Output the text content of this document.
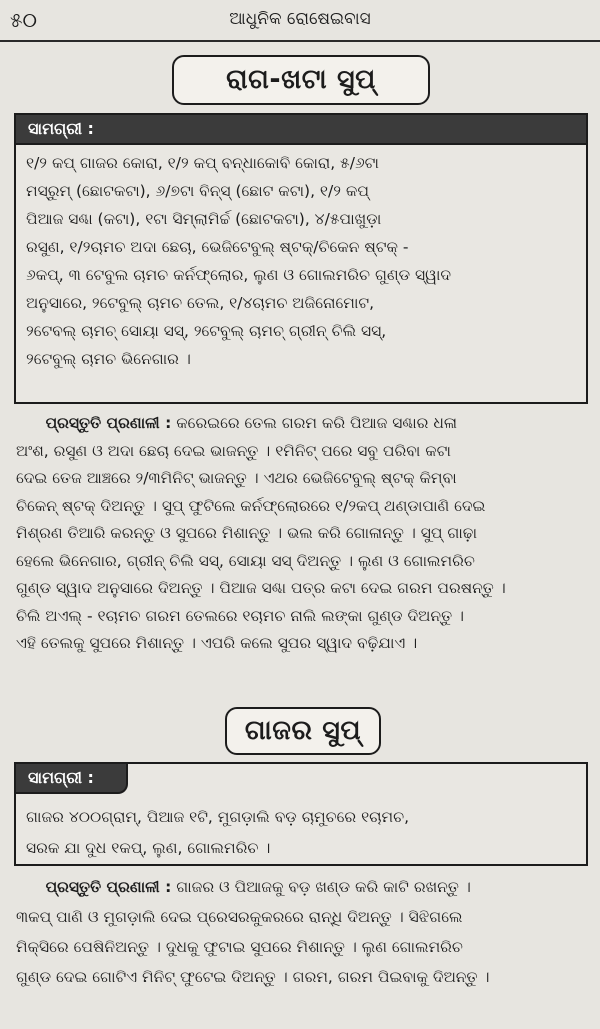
୫୦	ଆଧୁନିକ ରୋଷେଇବାସ
ରାଗ-ଖଟା ସୁପ୍
ସାମଗ୍ରୀ :
୧/୨ କପ୍ ଗାଜର କୋରା, ୧/୨ କପ୍ ବନ୍ଧାକୋବି କୋରା, ୫/୬ଟା
ମସ୍‌ରୁମ୍ (ଛୋଟକଟା), ୬/୭ଟା ବିନ୍ସ୍ (ଛୋଟ କଟା), ୧/୨ କପ୍
ପିଆଜ ସଣ୍ଢା (କଟା), ୧ଟା ସିମ୍‌ଲାମିର୍ଚ୍ଚ (ଛୋଟକଟା), ୪/୫ପାଖୁଡ଼ା
ରସୁଣ, ୧/୨ଚାମଚ ଅଦା ଛେଚା, ଭେଜିଟେବୁଲ୍ ଷ୍ଟକ୍/ଚିକେନ ଷ୍ଟକ୍ -
୬କପ୍, ୩ ଟେବୁଲ ଚାମଚ କର୍ନଫ୍ଲୋର, ଲୁଣ ଓ ଗୋଲମରିଚ ଗୁଣ୍ଡ ସ୍ୱାଦ
ଅନୁସାରେ, ୨ଟେବୁଲ୍ ଚାମଚ ତେଲ, ୧/୪ଚାମଚ ଅଜିନୋମୋଟ,
୨ଟେବଲ୍ ଚାମଚ୍ ସୋୟା ସସ୍, ୨ଟେବୁଲ୍ ଚାମଚ୍ ଗ୍ରୀନ୍ ଚିଲି ସସ୍,
୨ଟେବୁଲ୍ ଚାମଚ ଭିନେଗାର ।
ପ୍ରସ୍ତୁତି ପ୍ରଣାଳୀ : କରେଇରେ ତେଲ ଗରମ କରି ପିଆଜ ସଣ୍ଢାର ଧଳା
ଅଂଶ, ରସୁଣ ଓ ଅଦା ଛେଚା ଦେଇ ଭାଜନ୍ତୁ । ୧ମିନିଟ୍ ପରେ ସବୁ ପରିବା କଟା
ଦେଇ ତେଜ ଆଞ୍ଚରେ ୨/୩ମିନିଟ୍ ଭାଜନ୍ତୁ । ଏଥର ଭେଜିଟେବୁଲ୍ ଷ୍ଟକ୍ କିମ୍ବା
ଚିକେନ୍ ଷ୍ଟକ୍ ଦିଅନ୍ତୁ । ସୁପ୍ ଫୁଟିଲେ କର୍ନଫ୍ଲୋରରେ ୧/୨କପ୍ ଥଣ୍ଡାପାଣି ଦେଇ
ମିଶ୍ରଣ ତିଆରି କରନ୍ତୁ ଓ ସୁପରେ ମିଶାନ୍ତୁ । ଭଲ କରି ଗୋଳାନ୍ତୁ । ସୁପ୍ ଗାଢ଼ା
ହେଲେ ଭିନେଗାର, ଗ୍ରୀନ୍ ଚିଲି ସସ୍, ସୋୟା ସସ୍ ଦିଅନ୍ତୁ । ଲୁଣ ଓ ଗୋଲମରିଚ
ଗୁଣ୍ଡ ସ୍ୱାଦ ଅନୁସାରେ ଦିଅନ୍ତୁ । ପିଆଜ ସଣ୍ଢା ପତ୍ର କଟା ଦେଇ ଗରମ ପରଷନ୍ତୁ ।
ଚିଲି ଅଏଲ୍ - ୧ଚାମଚ ଗରମ ତେଲରେ ୧ଚାମଚ ନାଲି ଲଙ୍କା ଗୁଣ୍ଡ ଦିଅନ୍ତୁ ।
ଏହି ତେଲକୁ ସୁପରେ ମିଶାନ୍ତୁ । ଏପରି କଲେ ସୁପର ସ୍ୱାଦ ବଢ଼ିଯାଏ ।
ଗାଜର ସୁପ୍
ସାମଗ୍ରୀ :
ଗାଜର ୪୦୦ଗ୍ରାମ୍, ପିଆଜ ୧ଟି, ମୁଗଡ଼ାଲି ବଡ଼ ଚାମୁଚରେ ୧ଚାମଚ,
ସରକ ଯା ଦୁଧ ୧କପ୍, ଲୁଣ, ଗୋଲମରିଚ ।
ପ୍ରସ୍ତୁତି ପ୍ରଣାଳୀ : ଗାଜର ଓ ପିଆଜକୁ ବଡ଼ ଖଣ୍ଡ କରି କାଟି ରଖନ୍ତୁ ।
୩କପ୍ ପାଣି ଓ ମୁଗଡ଼ାଲି ଦେଇ ପ୍ରେସରକୁକରରେ ରାନ୍ଧି ଦିଅନ୍ତୁ । ସିଝିଗଲେ
ମିକ୍ସିରେ ପେଷିନିଅନ୍ତୁ । ଦୁଧକୁ ଫୁଟାଇ ସୁପରେ ମିଶାନ୍ତୁ । ଲୁଣ ଗୋଲମରିଚ
ଗୁଣ୍ଡ ଦେଇ ଗୋଟିଏ ମିନିଟ୍ ଫୁଟେଇ ଦିଅନ୍ତୁ । ଗରମ, ଗରମ ପିଇବାକୁ ଦିଅନ୍ତୁ ।
